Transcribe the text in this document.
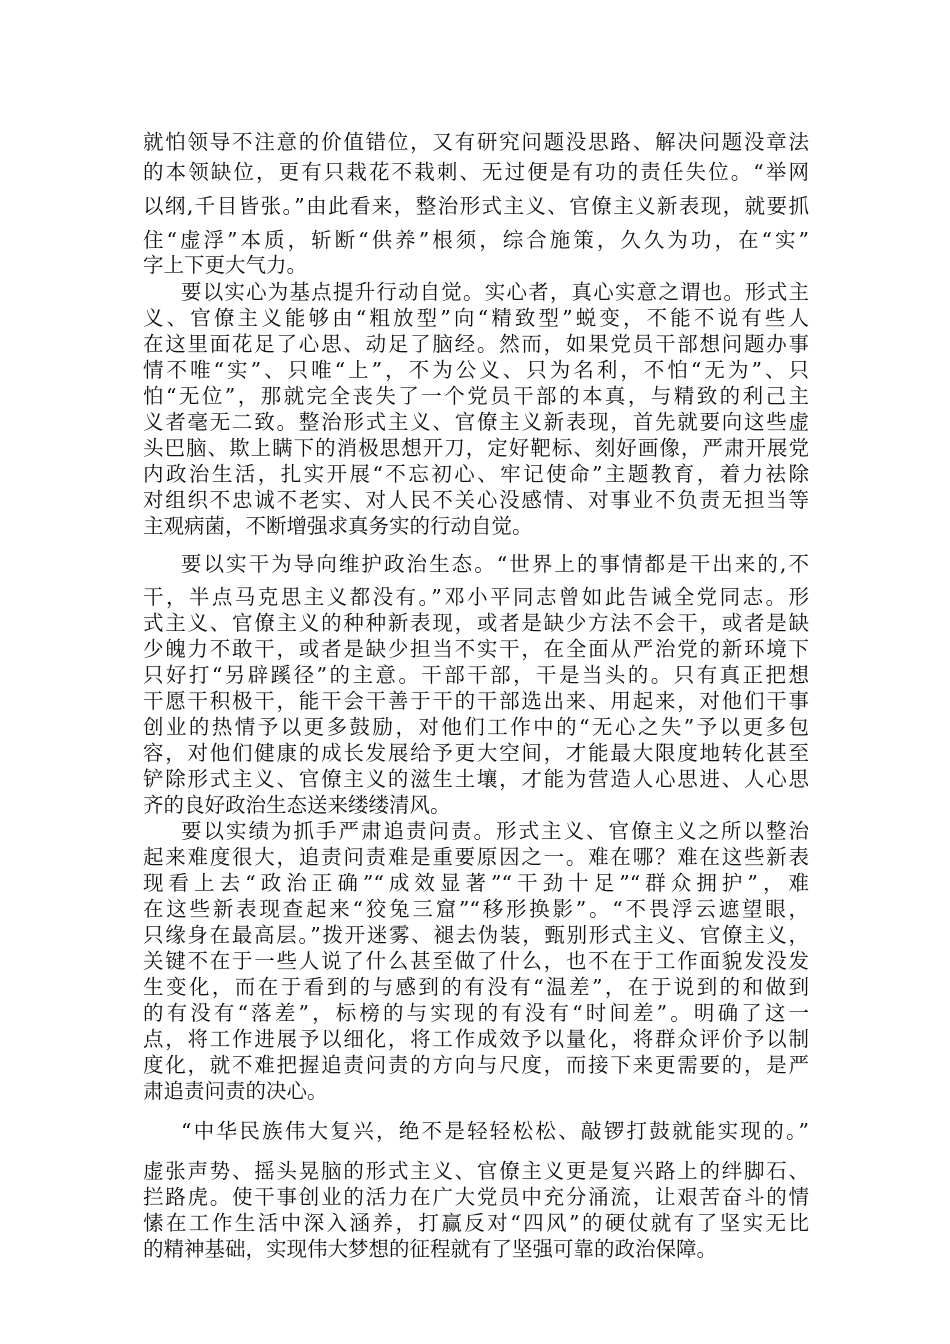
就怕领导不注意的价值错位，又有研究问题没思路、解决问题没章法
的本领缺位，更有只栽花不栽刺、无过便是有功的责任失位。“举网
以纲,千目皆张。”由此看来，整治形式主义、官僚主义新表现，就要抓
住“虚浮”本质，斩断“供养”根须，综合施策，久久为功，在“实”
字上下更大气力。
要以实心为基点提升行动自觉。实心者，真心实意之谓也。形式主
义、官僚主义能够由“粗放型”向“精致型”蜕变，不能不说有些人
在这里面花足了心思、动足了脑经。然而，如果党员干部想问题办事
情不唯“实”、只唯“上”，不为公义、只为名利，不怕“无为”、只
怕“无位”，那就完全丧失了一个党员干部的本真，与精致的利己主
义者毫无二致。整治形式主义、官僚主义新表现，首先就要向这些虚
头巴脑、欺上瞒下的消极思想开刀，定好靶标、刻好画像，严肃开展党
内政治生活，扎实开展“不忘初心、牢记使命”主题教育，着力祛除
对组织不忠诚不老实、对人民不关心没感情、对事业不负责无担当等
主观病菌，不断增强求真务实的行动自觉。
要以实干为导向维护政治生态。“世界上的事情都是干出来的,不
干，半点马克思主义都没有。”邓小平同志曾如此告诫全党同志。形
式主义、官僚主义的种种新表现，或者是缺少方法不会干，或者是缺
少魄力不敢干，或者是缺少担当不实干，在全面从严治党的新环境下
只好打“另辟蹊径”的主意。干部干部，干是当头的。只有真正把想
干愿干积极干，能干会干善于干的干部选出来、用起来，对他们干事
创业的热情予以更多鼓励，对他们工作中的“无心之失”予以更多包
容，对他们健康的成长发展给予更大空间，才能最大限度地转化甚至
铲除形式主义、官僚主义的滋生土壤，才能为营造人心思进、人心思
齐的良好政治生态送来缕缕清风。
要以实绩为抓手严肃追责问责。形式主义、官僚主义之所以整治
起来难度很大，追责问责难是重要原因之一。难在哪？难在这些新表
现看上去“政治正确”“成效显著”“干劲十足”“群众拥护”，难
在这些新表现查起来“狡兔三窟”“移形换影”。“不畏浮云遮望眼，
只缘身在最高层。”拨开迷雾、褪去伪装，甄别形式主义、官僚主义，
关键不在于一些人说了什么甚至做了什么，也不在于工作面貌发没发
生变化，而在于看到的与感到的有没有“温差”，在于说到的和做到
的有没有“落差”，标榜的与实现的有没有“时间差”。明确了这一
点，将工作进展予以细化，将工作成效予以量化，将群众评价予以制
度化，就不难把握追责问责的方向与尺度，而接下来更需要的，是严
肃追责问责的决心。
“中华民族伟大复兴，绝不是轻轻松松、敲锣打鼓就能实现的。”
虚张声势、摇头晃脑的形式主义、官僚主义更是复兴路上的绊脚石、
拦路虎。使干事创业的活力在广大党员中充分涌流，让艰苦奋斗的情
愫在工作生活中深入涵养，打赢反对“四风”的硬仗就有了坚实无比
的精神基础，实现伟大梦想的征程就有了坚强可靠的政治保障。
